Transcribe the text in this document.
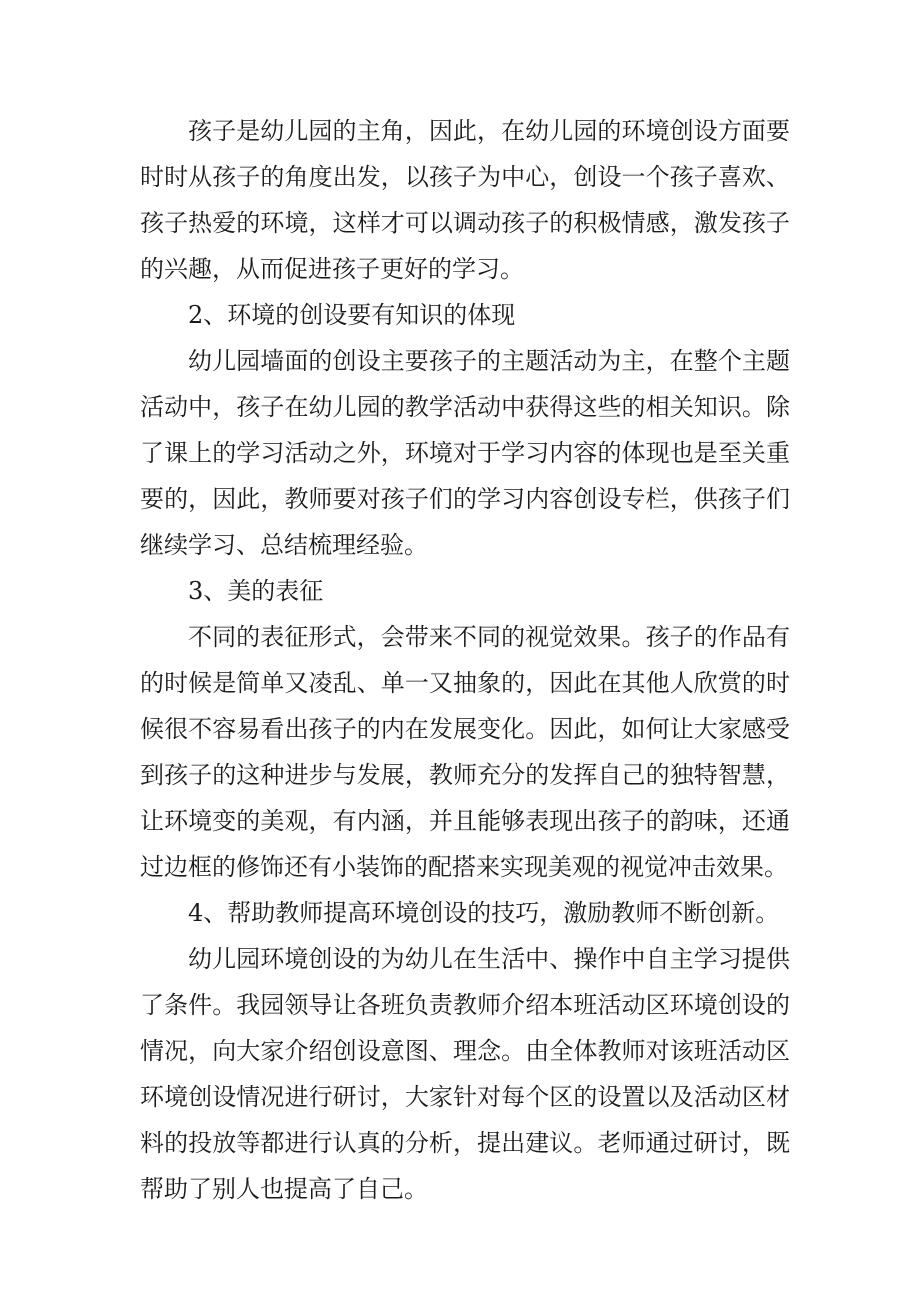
孩子是幼儿园的主角，因此，在幼儿园的环境创设方面要时时从孩子的角度出发，以孩子为中心，创设一个孩子喜欢、孩子热爱的环境，这样才可以调动孩子的积极情感，激发孩子的兴趣，从而促进孩子更好的学习。

2、环境的创设要有知识的体现

幼儿园墙面的创设主要孩子的主题活动为主，在整个主题活动中，孩子在幼儿园的教学活动中获得这些的相关知识。除了课上的学习活动之外，环境对于学习内容的体现也是至关重要的，因此，教师要对孩子们的学习内容创设专栏，供孩子们继续学习、总结梳理经验。

3、美的表征

不同的表征形式，会带来不同的视觉效果。孩子的作品有的时候是简单又凌乱、单一又抽象的，因此在其他人欣赏的时候很不容易看出孩子的内在发展变化。因此，如何让大家感受到孩子的这种进步与发展，教师充分的发挥自己的独特智慧，让环境变的美观，有内涵，并且能够表现出孩子的韵味，还通过边框的修饰还有小装饰的配搭来实现美观的视觉冲击效果。

4、帮助教师提高环境创设的技巧，激励教师不断创新。

幼儿园环境创设的为幼儿在生活中、操作中自主学习提供了条件。我园领导让各班负责教师介绍本班活动区环境创设的情况，向大家介绍创设意图、理念。由全体教师对该班活动区环境创设情况进行研讨，大家针对每个区的设置以及活动区材料的投放等都进行认真的分析，提出建议。老师通过研讨，既帮助了别人也提高了自己。
